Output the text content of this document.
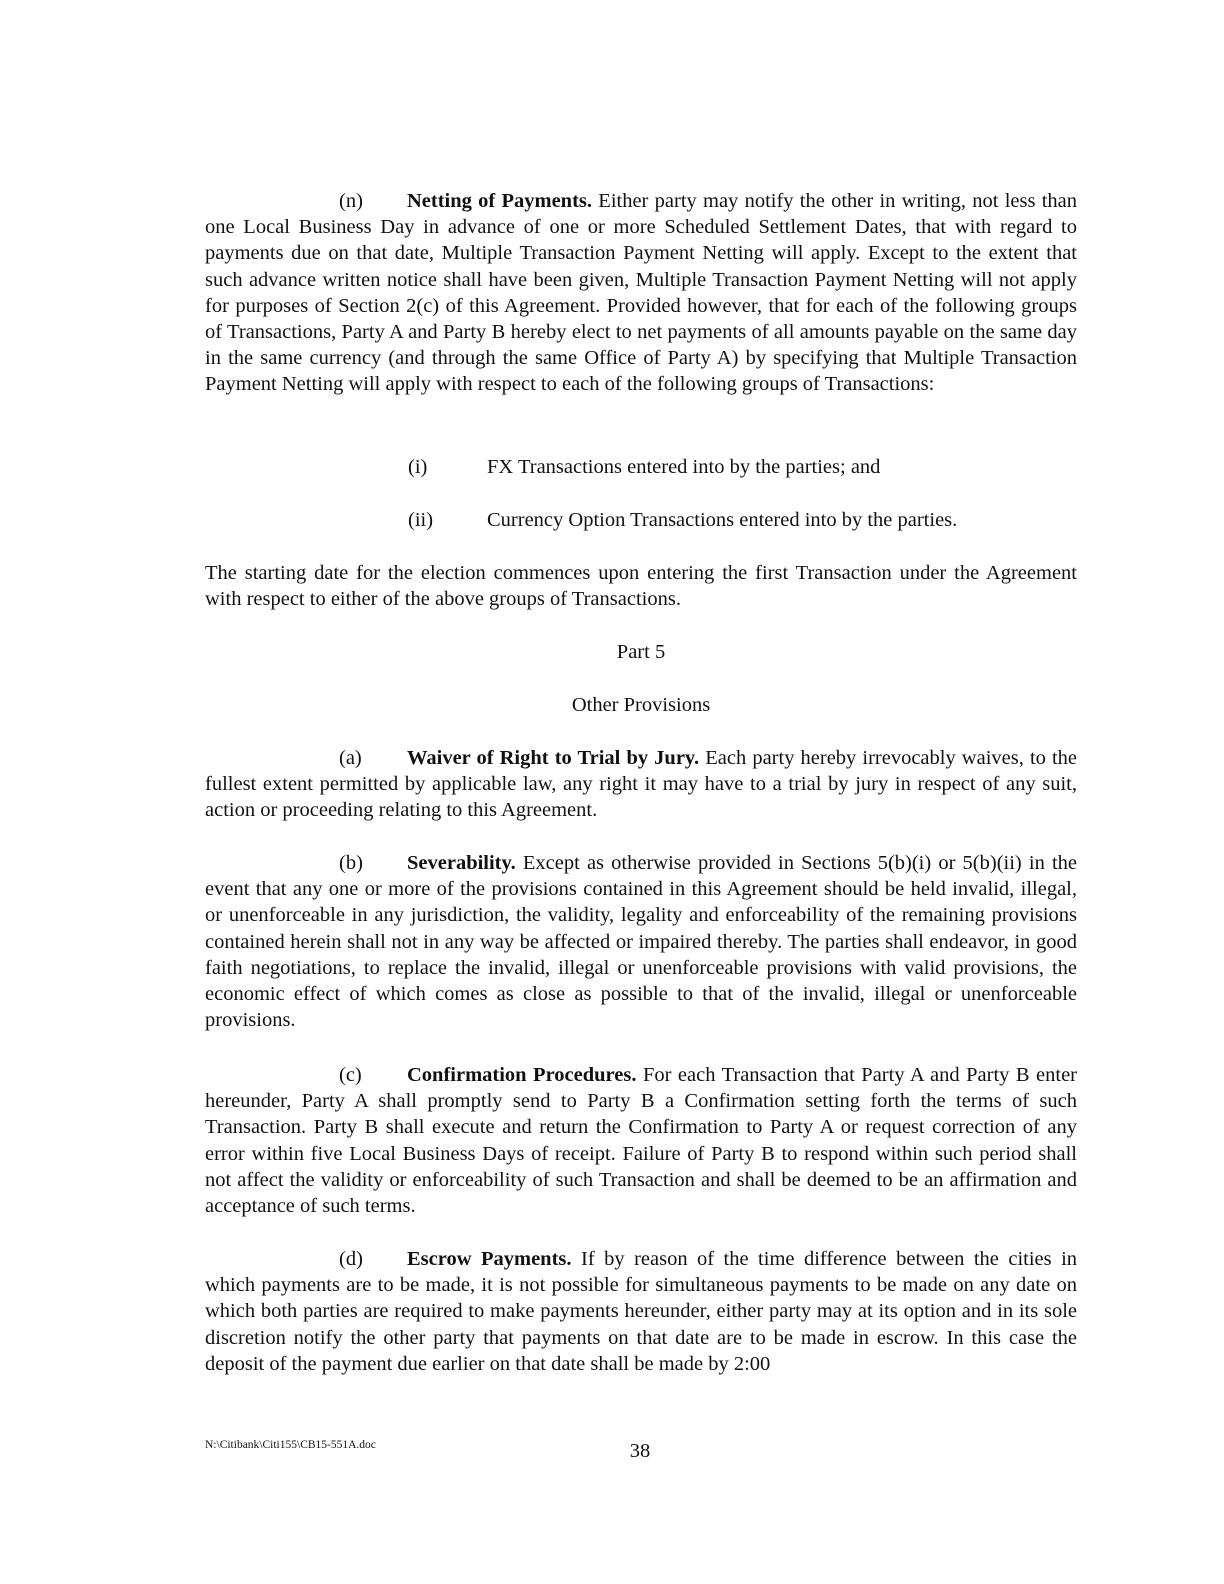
(n) Netting of Payments. Either party may notify the other in writing, not less than one Local Business Day in advance of one or more Scheduled Settlement Dates, that with regard to payments due on that date, Multiple Transaction Payment Netting will apply. Except to the extent that such advance written notice shall have been given, Multiple Transaction Payment Netting will not apply for purposes of Section 2(c) of this Agreement. Provided however, that for each of the following groups of Transactions, Party A and Party B hereby elect to net payments of all amounts payable on the same day in the same currency (and through the same Office of Party A) by specifying that Multiple Transaction Payment Netting will apply with respect to each of the following groups of Transactions:

(i)	FX Transactions entered into by the parties; and
(ii)	Currency Option Transactions entered into by the parties.

The starting date for the election commences upon entering the first Transaction under the Agreement with respect to either of the above groups of Transactions.

Part 5
Other Provisions

(a) Waiver of Right to Trial by Jury. Each party hereby irrevocably waives, to the fullest extent permitted by applicable law, any right it may have to a trial by jury in respect of any suit, action or proceeding relating to this Agreement.

(b) Severability. Except as otherwise provided in Sections 5(b)(i) or 5(b)(ii) in the event that any one or more of the provisions contained in this Agreement should be held invalid, illegal, or unenforceable in any jurisdiction, the validity, legality and enforceability of the remaining provisions contained herein shall not in any way be affected or impaired thereby. The parties shall endeavor, in good faith negotiations, to replace the invalid, illegal or unenforceable provisions with valid provisions, the economic effect of which comes as close as possible to that of the invalid, illegal or unenforceable provisions.

(c) Confirmation Procedures. For each Transaction that Party A and Party B enter hereunder, Party A shall promptly send to Party B a Confirmation setting forth the terms of such Transaction. Party B shall execute and return the Confirmation to Party A or request correction of any error within five Local Business Days of receipt. Failure of Party B to respond within such period shall not affect the validity or enforceability of such Transaction and shall be deemed to be an affirmation and acceptance of such terms.

(d) Escrow Payments. If by reason of the time difference between the cities in which payments are to be made, it is not possible for simultaneous payments to be made on any date on which both parties are required to make payments hereunder, either party may at its option and in its sole discretion notify the other party that payments on that date are to be made in escrow. In this case the deposit of the payment due earlier on that date shall be made by 2:00

N:\Citibank\Citi155\CB15-551A.doc	38
